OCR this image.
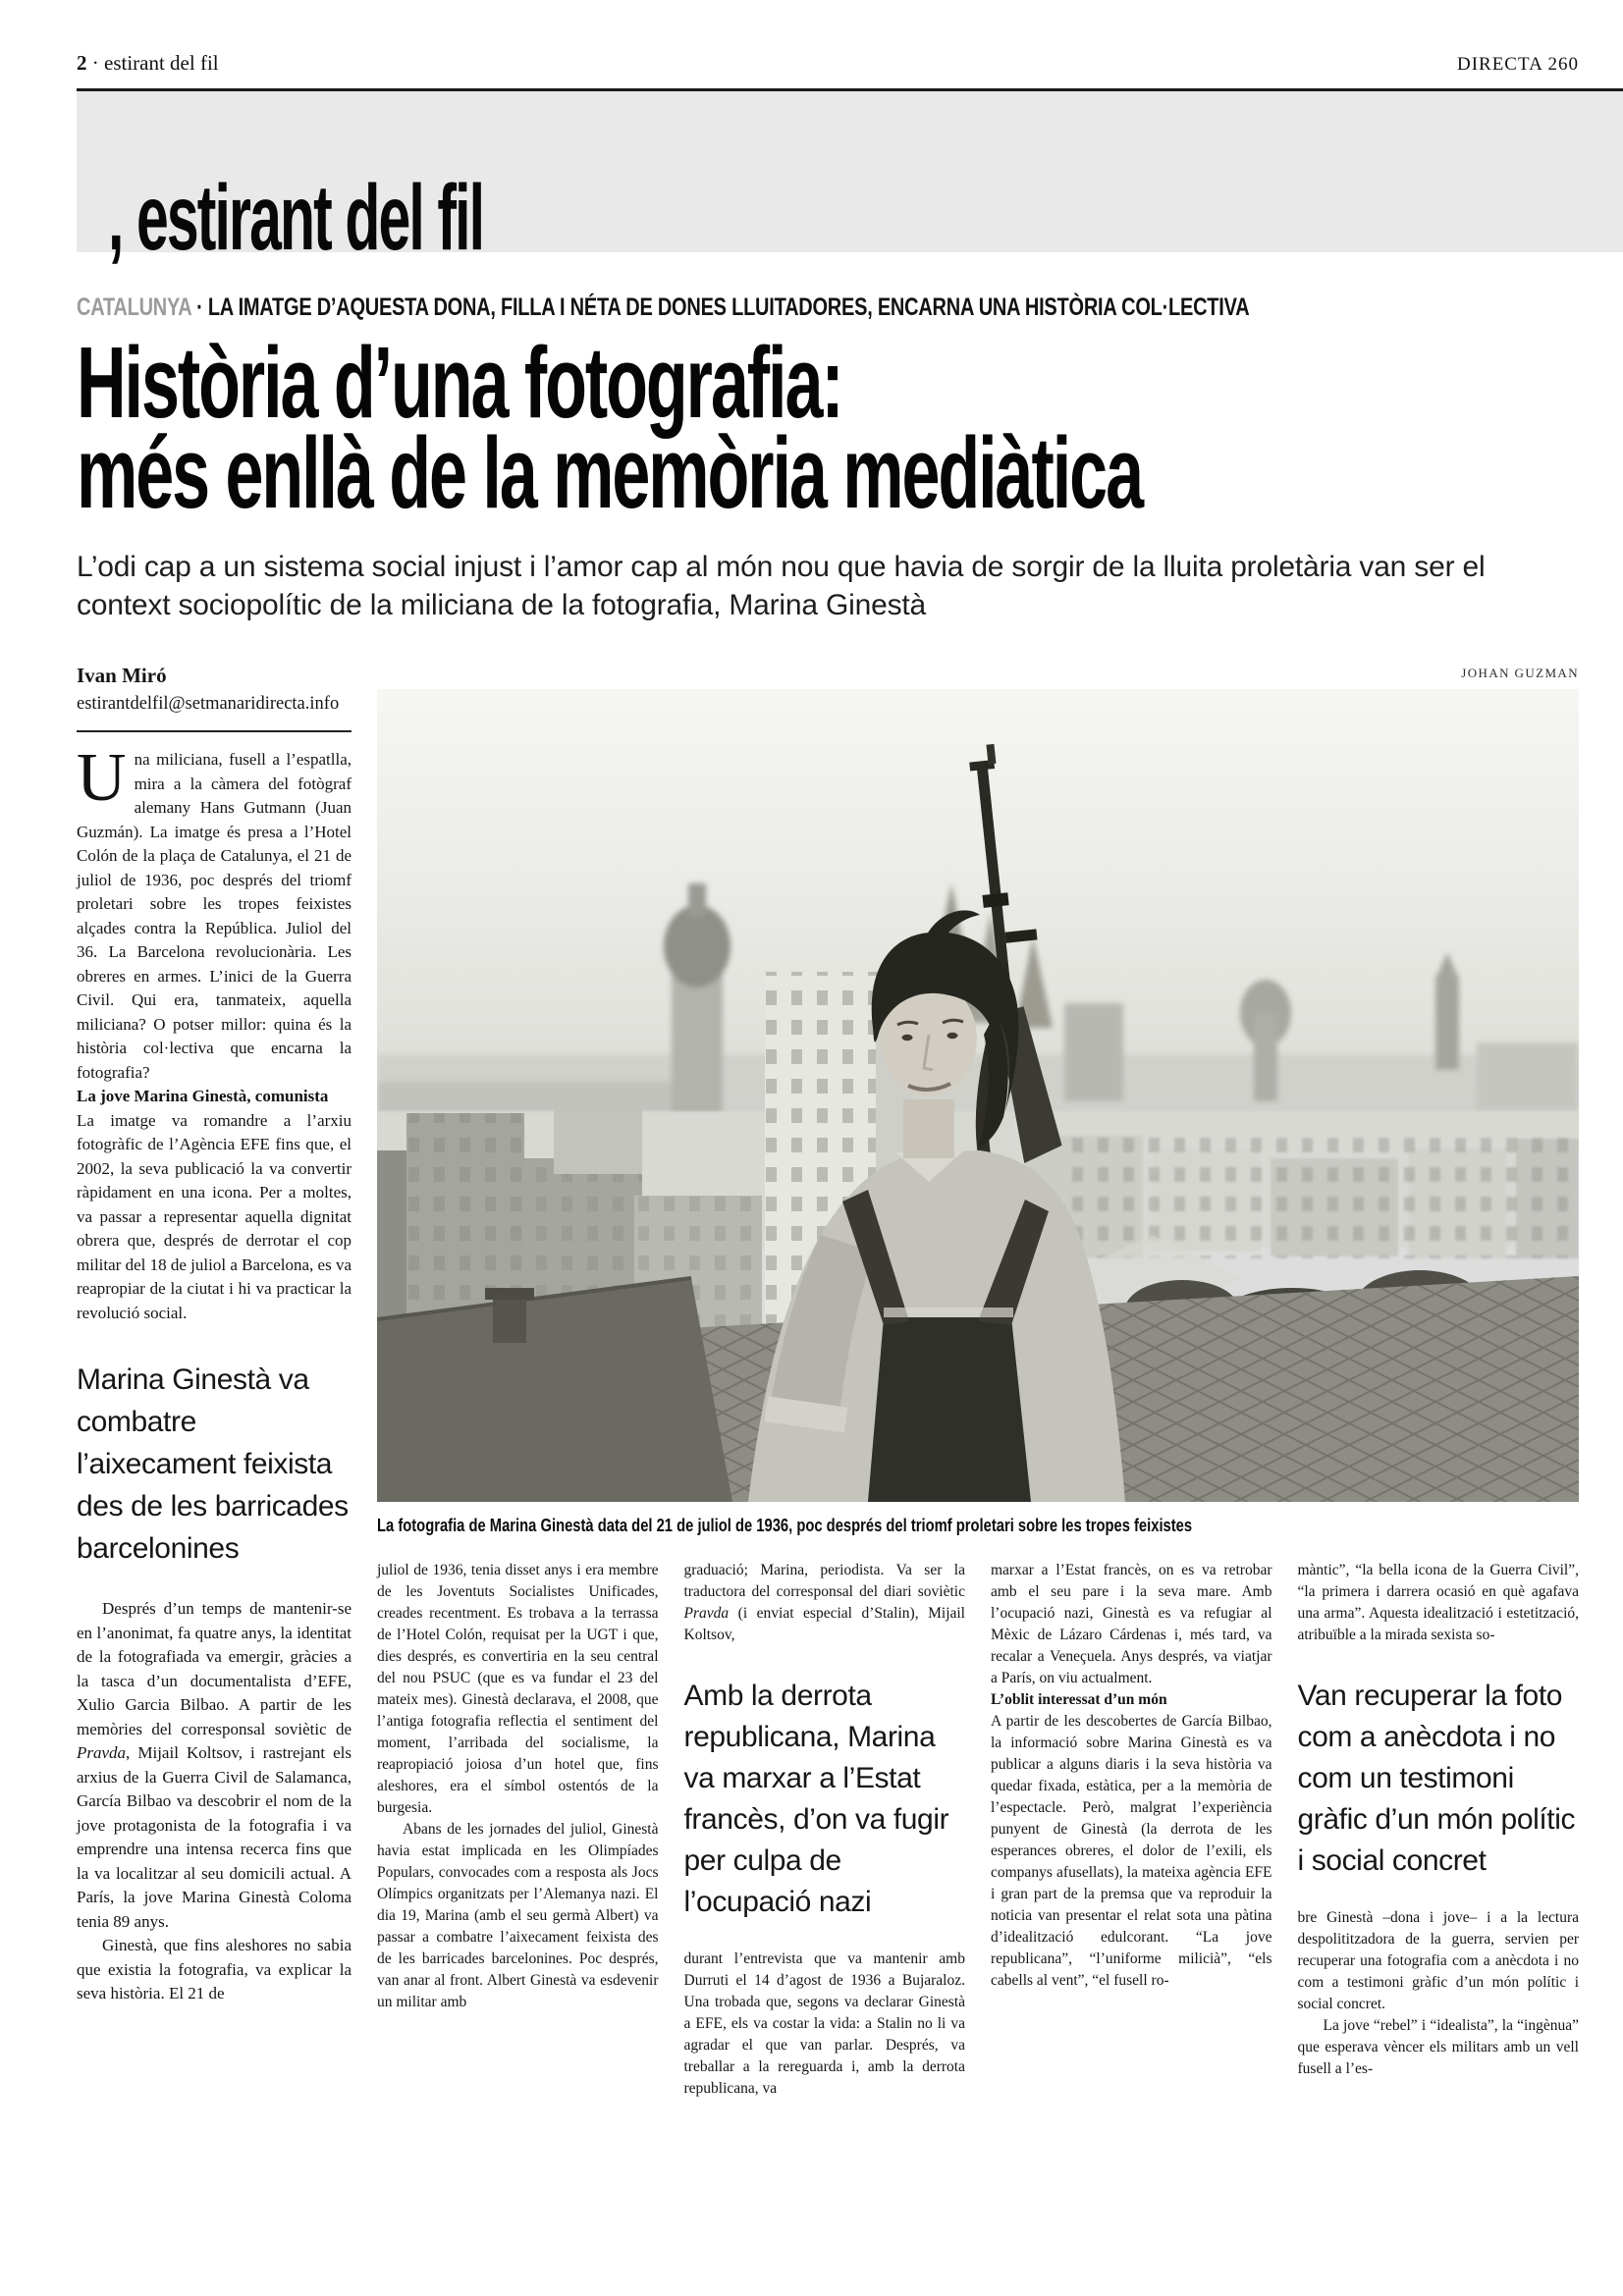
2 · estirant del fil	DIRECTA 260
, estirant del fil
CATALUNYA · LA IMATGE D’AQUESTA DONA, FILLA I NÉTA DE DONES LLUITADORES, ENCARNA UNA HISTÒRIA COL·LECTIVA
Història d’una fotografia:
més enllà de la memòria mediàtica
L’odi cap a un sistema social injust i l’amor cap al món nou que havia de sorgir de la lluita proletària van ser el context sociopolític de la miliciana de la fotografia, Marina Ginestà
Ivan Miró
estirantdelfil@setmanaridirecta.info

Una miliciana, fusell a l’espatlla, mira a la càmera del fotògraf alemany Hans Gutmann (Juan Guzmán). La imatge és presa a l’Hotel Colón de la plaça de Catalunya, el 21 de juliol de 1936, poc després del triomf proletari sobre les tropes feixistes alçades contra la República. Juliol del 36. La Barcelona revolucionària. Les obreres en armes. L’inici de la Guerra Civil. Qui era, tanmateix, aquella miliciana? O potser millor: quina és la història col·lectiva que encarna la fotografia?

La jove Marina Ginestà, comunista

La imatge va romandre a l’arxiu fotogràfic de l’Agència EFE fins que, el 2002, la seva publicació la va convertir ràpidament en una icona. Per a moltes, va passar a representar aquella dignitat obrera que, després de derrotar el cop militar del 18 de juliol a Barcelona, es va reapropiar de la ciutat i hi va practicar la revolució social.

Marina Ginestà va combatre l’aixecament feixista des de les barricades barcelonines

Després d’un temps de mantenir-se en l’anonimat, fa quatre anys, la identitat de la fotografiada va emergir, gràcies a la tasca d’un documentalista d’EFE, Xulio Garcia Bilbao. A partir de les memòries del corresponsal soviètic de Pravda, Mijail Koltsov, i rastrejant els arxius de la Guerra Civil de Salamanca, García Bilbao va descobrir el nom de la jove protagonista de la fotografia i va emprendre una intensa recerca fins que la va localitzar al seu domicili actual. A París, la jove Marina Ginestà Coloma tenia 89 anys.

Ginestà, que fins aleshores no sabia que existia la fotografia, va explicar la seva història. El 21 de

JOHAN GUZMAN
La fotografia de Marina Ginestà data del 21 de juliol de 1936, poc després del triomf proletari sobre les tropes feixistes

juliol de 1936, tenia disset anys i era membre de les Joventuts Socialistes Unificades, creades recentment. Es trobava a la terrassa de l’Hotel Colón, requisat per la UGT i que, dies després, es convertiria en la seu central del nou PSUC (que es va fundar el 23 del mateix mes). Ginestà declarava, el 2008, que l’antiga fotografia reflectia el sentiment del moment, l’arribada del socialisme, la reapropiació joiosa d’un hotel que, fins aleshores, era el símbol ostentós de la burgesia.

Abans de les jornades del juliol, Ginestà havia estat implicada en les Olimpíades Populars, convocades com a resposta als Jocs Olímpics organitzats per l’Alemanya nazi. El dia 19, Marina (amb el seu germà Albert) va passar a combatre l’aixecament feixista des de les barricades barcelonines. Poc després, van anar al front. Albert Ginestà va esdevenir un militar amb

graduació; Marina, periodista. Va ser la traductora del corresponsal del diari soviètic Pravda (i enviat especial d’Stalin), Mijail Koltsov,

Amb la derrota republicana, Marina va marxar a l’Estat francès, d’on va fugir per culpa de l’ocupació nazi

durant l’entrevista que va mantenir amb Durruti el 14 d’agost de 1936 a Bujaraloz. Una trobada que, segons va declarar Ginestà a EFE, els va costar la vida: a Stalin no li va agradar el que van parlar. Després, va treballar a la rereguarda i, amb la derrota republicana, va

marxar a l’Estat francès, on es va retrobar amb el seu pare i la seva mare. Amb l’ocupació nazi, Ginestà es va refugiar al Mèxic de Lázaro Cárdenas i, més tard, va recalar a Veneçuela. Anys després, va viatjar a París, on viu actualment.

L’oblit interessat d’un món

A partir de les descobertes de García Bilbao, la informació sobre Marina Ginestà es va publicar a alguns diaris i la seva història va quedar fixada, estàtica, per a la memòria de l’espectacle. Però, malgrat l’experiència punyent de Ginestà (la derrota de les esperances obreres, el dolor de l’exili, els companys afusellats), la mateixa agència EFE i gran part de la premsa que va reproduir la noticia van presentar el relat sota una pàtina d’idealització edulcorant. “La jove republicana”, “l’uniforme milicià”, “els cabells al vent”, “el fusell ro-

màntic”, “la bella icona de la Guerra Civil”, “la primera i darrera ocasió en què agafava una arma”. Aquesta idealització i estetització, atribuïble a la mirada sexista so-

Van recuperar la foto com a anècdota i no com un testimoni gràfic d’un món polític i social concret

bre Ginestà –dona i jove– i a la lectura despolititzadora de la guerra, servien per recuperar una fotografia com a anècdota i no com a testimoni gràfic d’un món polític i social concret.

La jove “rebel” i “idealista”, la “ingènua” que esperava vèncer els militars amb un vell fusell a l’es-
